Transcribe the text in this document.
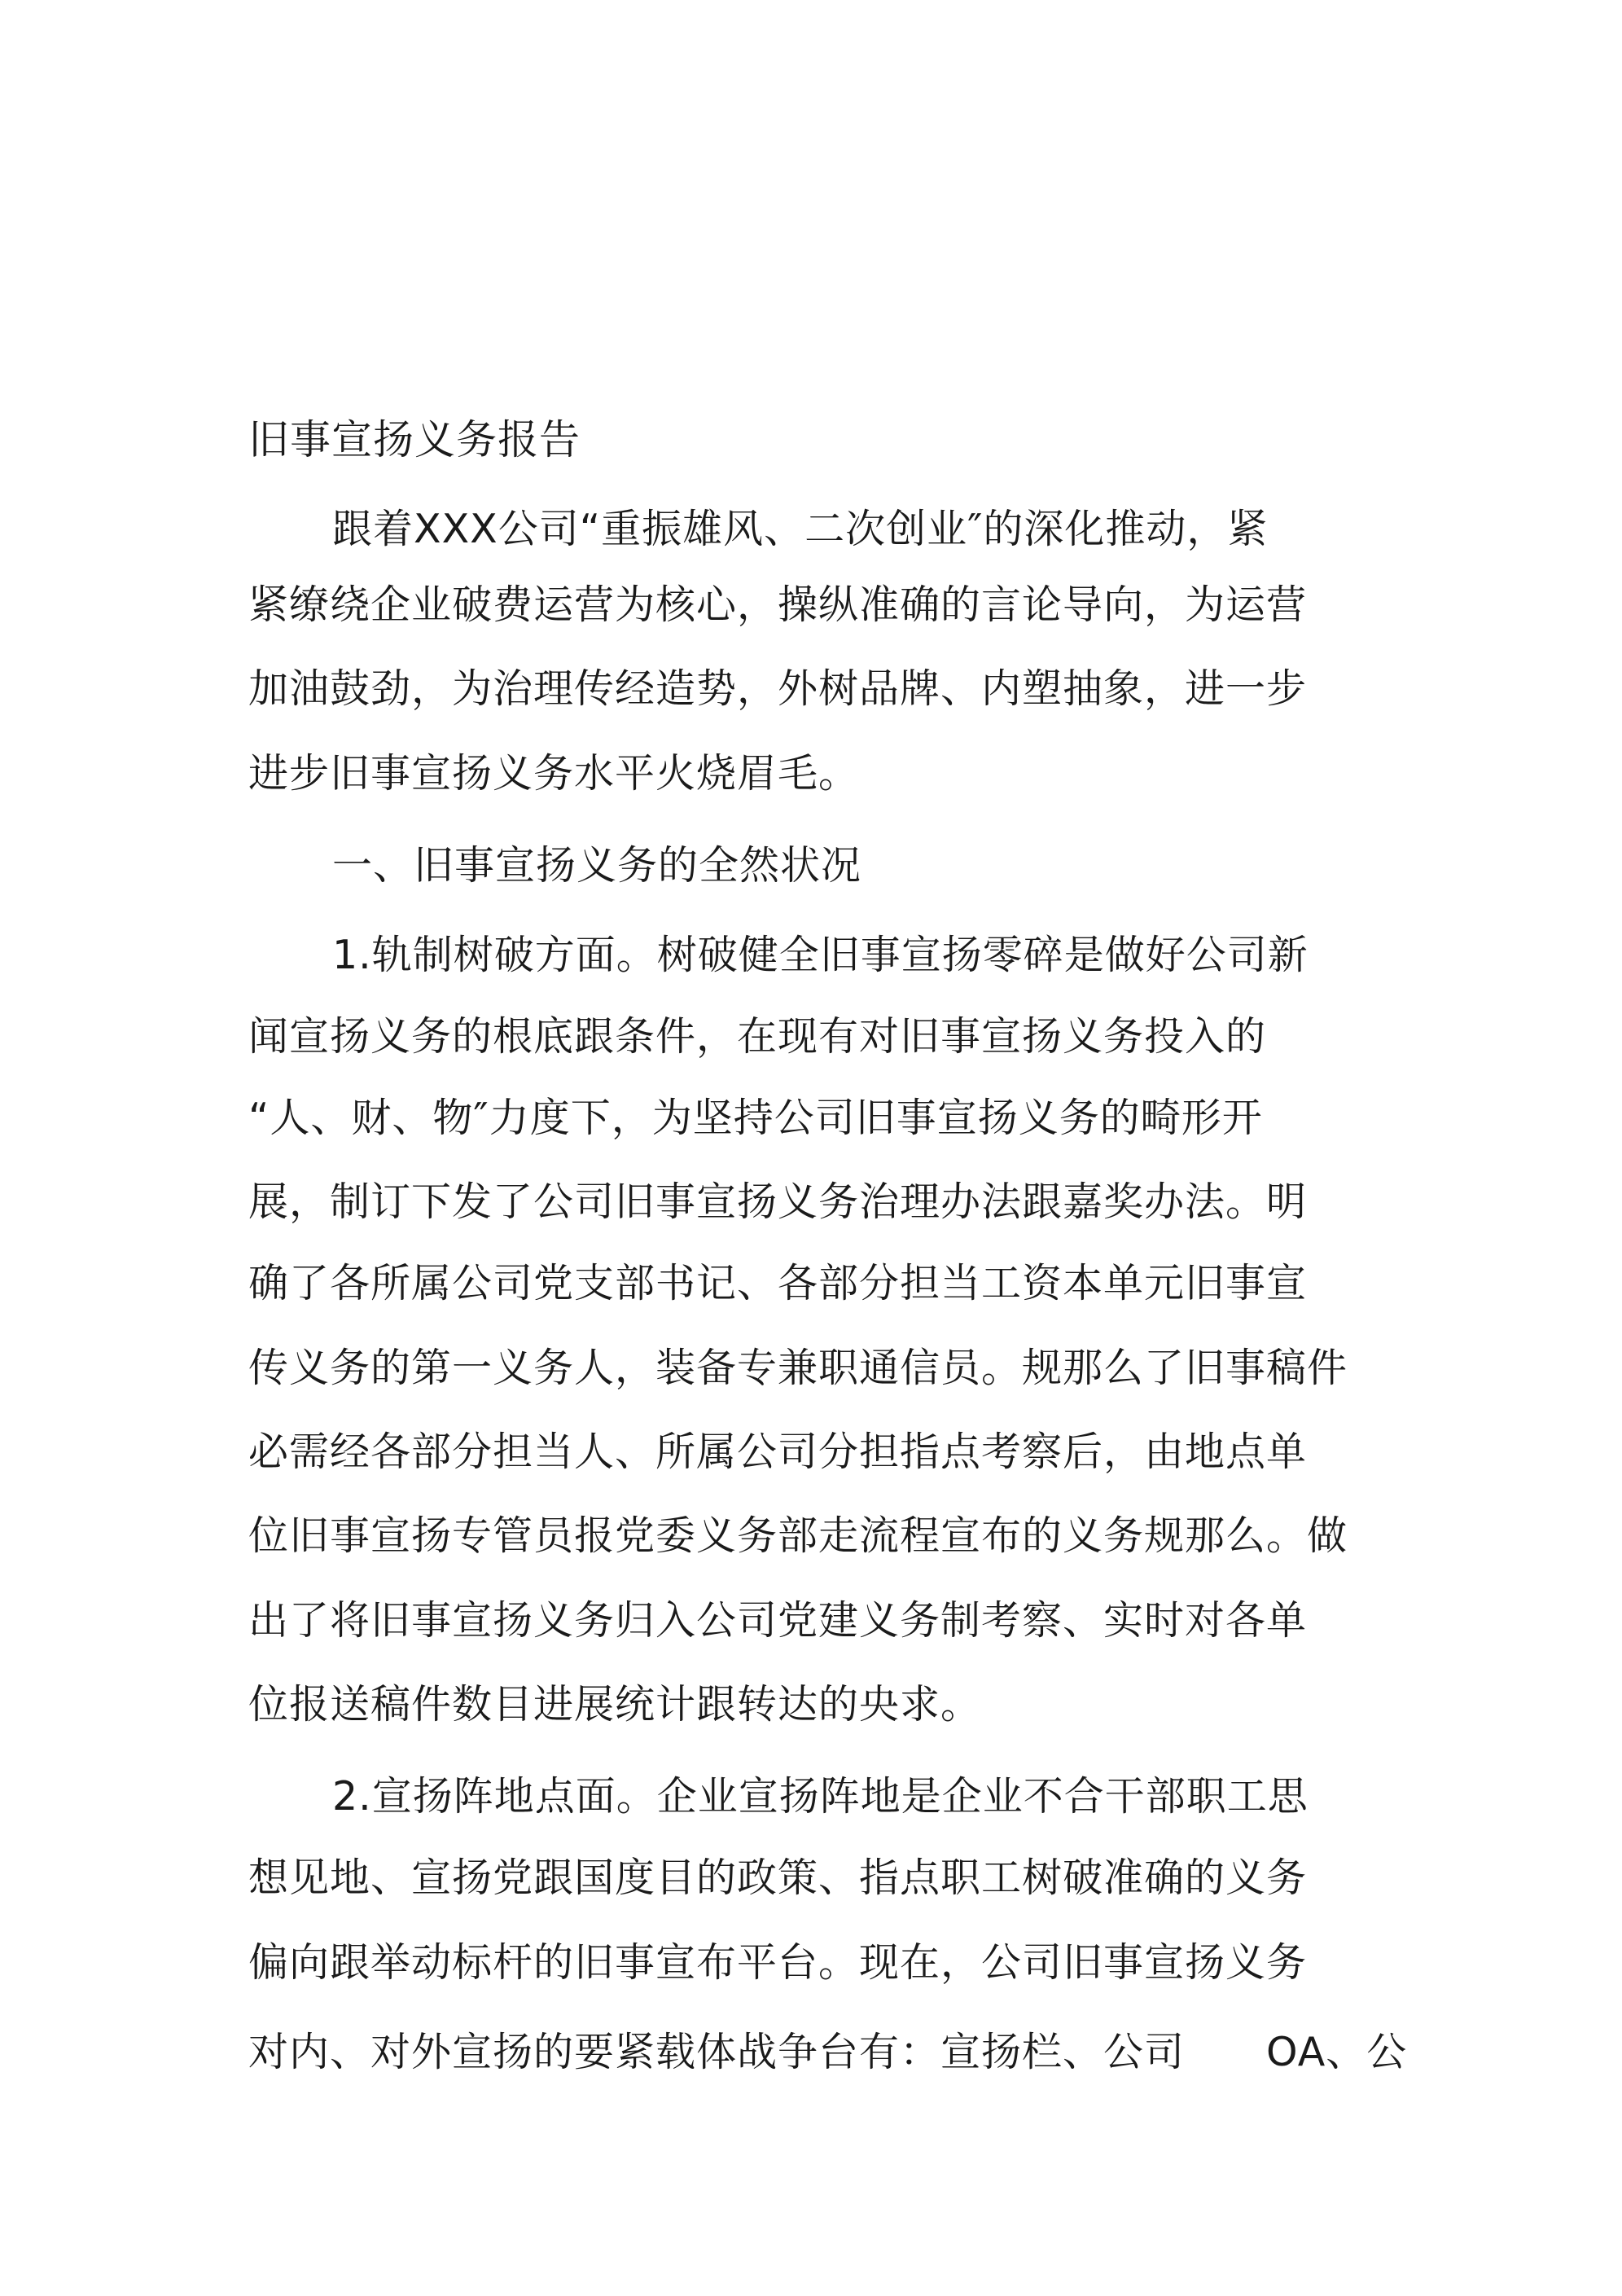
旧事宣扬义务报告
跟着XXX公司“重振雄风、二次创业″的深化推动，紧
紧缭绕企业破费运营为核心，操纵准确的言论导向，为运营
加油鼓劲，为治理传经造势，外树品牌、内塑抽象，进一步
进步旧事宣扬义务水平火烧眉毛。
一、旧事宣扬义务的全然状况
1.轨制树破方面。树破健全旧事宣扬零碎是做好公司新
闻宣扬义务的根底跟条件，在现有对旧事宣扬义务投入的
“人、财、物″力度下，为坚持公司旧事宣扬义务的畸形开
展，制订下发了公司旧事宣扬义务治理办法跟嘉奖办法。明
确了各所属公司党支部书记、各部分担当工资本单元旧事宣
传义务的第一义务人，装备专兼职通信员。规那么了旧事稿件
必需经各部分担当人、所属公司分担指点考察后，由地点单
位旧事宣扬专管员报党委义务部走流程宣布的义务规那么。做
出了将旧事宣扬义务归入公司党建义务制考察、实时对各单
位报送稿件数目进展统计跟转达的央求。
2.宣扬阵地点面。企业宣扬阵地是企业不合干部职工思
想见地、宣扬党跟国度目的政策、指点职工树破准确的义务
偏向跟举动标杆的旧事宣布平台。现在，公司旧事宣扬义务
对内、对外宣扬的要紧载体战争台有：宣扬栏、公司 OA、公
